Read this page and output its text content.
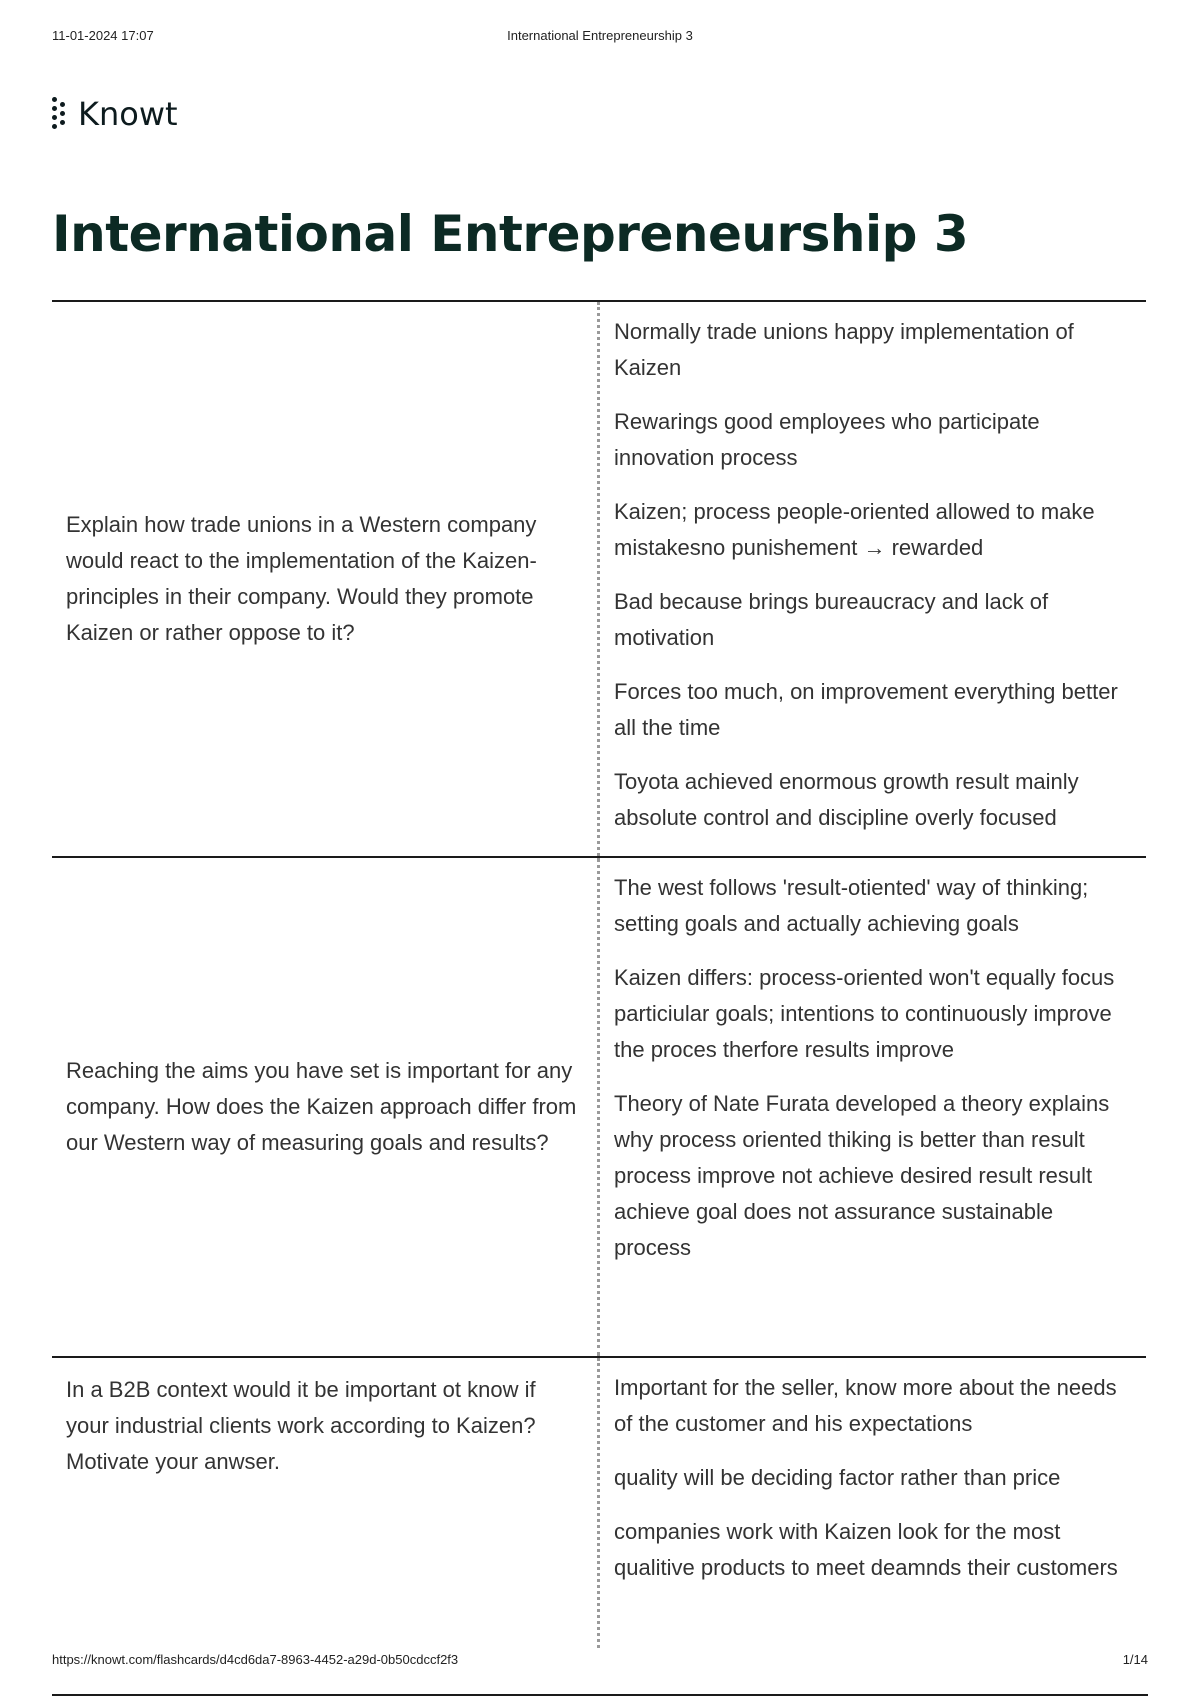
11-01-2024 17:07	International Entrepreneurship 3
Knowt
International Entrepreneurship 3
Explain how trade unions in a Western company would react to the implementation of the Kaizen-principles in their company. Would they promote Kaizen or rather oppose to it?

Normally trade unions happy implementation of Kaizen

Rewarings good employees who participate innovation process

Kaizen; process people-oriented allowed to make mistakesno punishement → rewarded

Bad because brings bureaucracy and lack of motivation

Forces too much, on improvement everything better all the time

Toyota achieved enormous growth result mainly absolute control and discipline overly focused

Reaching the aims you have set is important for any company. How does the Kaizen approach differ from our Western way of measuring goals and results?

The west follows 'result-otiented' way of thinking; setting goals and actually achieving goals

Kaizen differs: process-oriented won't equally focus particiular goals; intentions to continuously improve the proces therfore results improve

Theory of Nate Furata developed a theory explains why process oriented thiking is better than result process improve not achieve desired result result achieve goal does not assurance sustainable process

In a B2B context would it be important ot know if your industrial clients work according to Kaizen? Motivate your anwser.

Important for the seller, know more about the needs of the customer and his expectations

quality will be deciding factor rather than price

companies work with Kaizen look for the most qualitive products to meet deamnds their customers

https://knowt.com/flashcards/d4cd6da7-8963-4452-a29d-0b50cdccf2f3	1/14
